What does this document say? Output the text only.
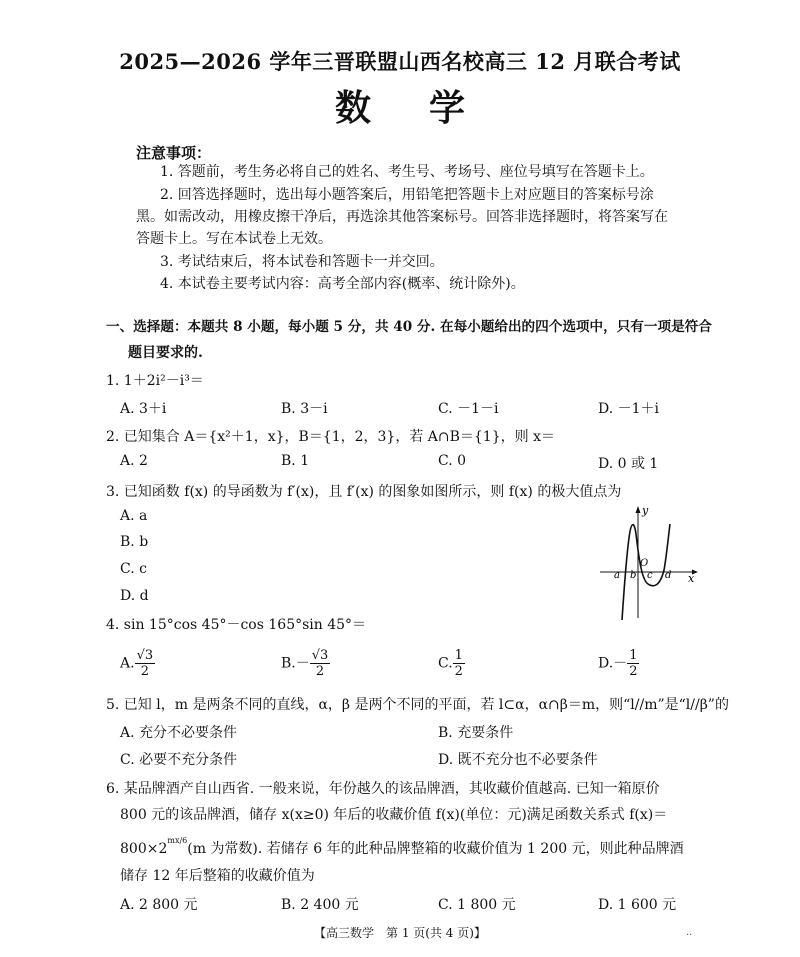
2025—2026 学年三晋联盟山西名校高三 12 月联合考试
数 学
注意事项：
1. 答题前，考生务必将自己的姓名、考生号、考场号、座位号填写在答题卡上。
2. 回答选择题时，选出每小题答案后，用铅笔把答题卡上对应题目的答案标号涂
黑。如需改动，用橡皮擦干净后，再选涂其他答案标号。回答非选择题时，将答案写在
答题卡上。写在本试卷上无效。
3. 考试结束后，将本试卷和答题卡一并交回。
4. 本试卷主要考试内容：高考全部内容(概率、统计除外)。
一、选择题：本题共 8 小题，每小题 5 分，共 40 分. 在每小题给出的四个选项中，只有一项是符合
题目要求的.
1. 1＋2i²－i³＝
A. 3＋i	B. 3－i	C. －1－i	D. －1＋i
2. 已知集合 A＝{x²＋1，x}，B＝{1，2，3}，若 A∩B＝{1}，则 x＝
A. 2	B. 1	C. 0	D. 0 或 1
3. 已知函数 f(x) 的导函数为 f′(x)，且 f′(x) 的图象如图所示，则 f(x) 的极大值点为
A. a
B. b
C. c
D. d
y
x
O
a b c d
4. sin 15°cos 45°－cos 165°sin 45°＝
A. $\frac{√3}{2}$	$B.- \frac{√3}{2}$	C. $\frac{1}{2}$	$D.- \frac{1}{2}$
5. 已知 l，m 是两条不同的直线，α，β 是两个不同的平面，若 l⊂α，α∩β＝m，则“l//m”是“l//β”的
A. 充分不必要条件	B. 充要条件
C. 必要不充分条件	D. 既不充分也不必要条件
6. 某品牌酒产自山西省. 一般来说，年份越久的该品牌酒，其收藏价值越高. 已知一箱原价
800 元的该品牌酒，储存 x(x≥0) 年后的收藏价值 f(x)(单位：元)满足函数关系式 f(x)＝
$800\times 2^{mx/6}(m$ 为常数). 若储存 6 年的此种品牌整箱的收藏价值为 1 200 元，则此种品牌酒
储存 12 年后整箱的收藏价值为
A. 2 800 元	B. 2 400 元	C. 1 800 元	D. 1 600 元
【高三数学　第 1 页(共 4 页)】	··
